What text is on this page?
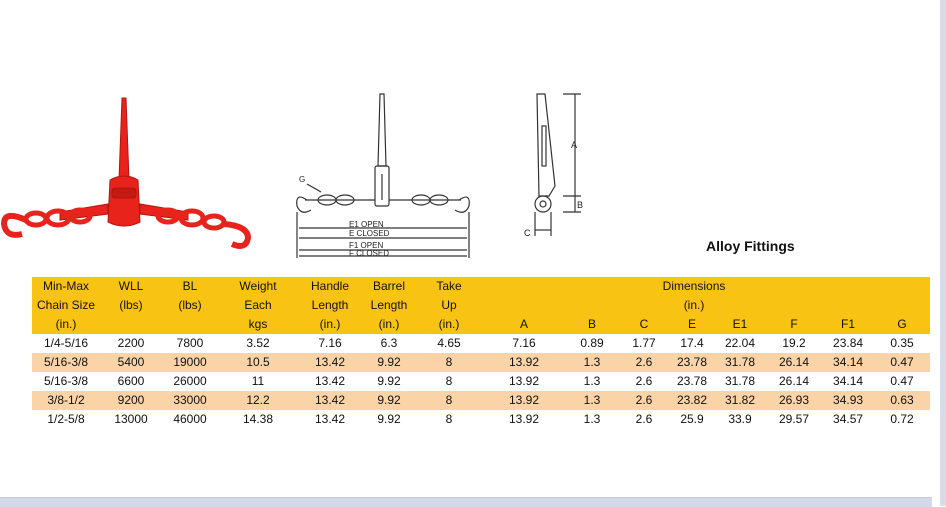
G
E1 OPEN
E CLOSED
F1 OPEN
F CLOSED
A
B
C
Alloy Fittings
Min-Max	WLL	BL	Weight	Handle	Barrel	Take		Dimensions						
Chain Size	(lbs)	(lbs)	Each	Length	Length	Up		(in.)						
(in.)			kgs	(in.)	(in.)	(in.)	A	B	C	E	E1	F	F1	G
1/4-5/16	2200	7800	3.52	7.16	6.3	4.65	7.16	0.89	1.77	17.4	22.04	19.2	23.84	0.35
5/16-3/8	5400	19000	10.5	13.42	9.92	8	13.92	1.3	2.6	23.78	31.78	26.14	34.14	0.47
5/16-3/8	6600	26000	11	13.42	9.92	8	13.92	1.3	2.6	23.78	31.78	26.14	34.14	0.47
3/8-1/2	9200	33000	12.2	13.42	9.92	8	13.92	1.3	2.6	23.82	31.82	26.93	34.93	0.63
1/2-5/8	13000	46000	14.38	13.42	9.92	8	13.92	1.3	2.6	25.9	33.9	29.57	34.57	0.72
